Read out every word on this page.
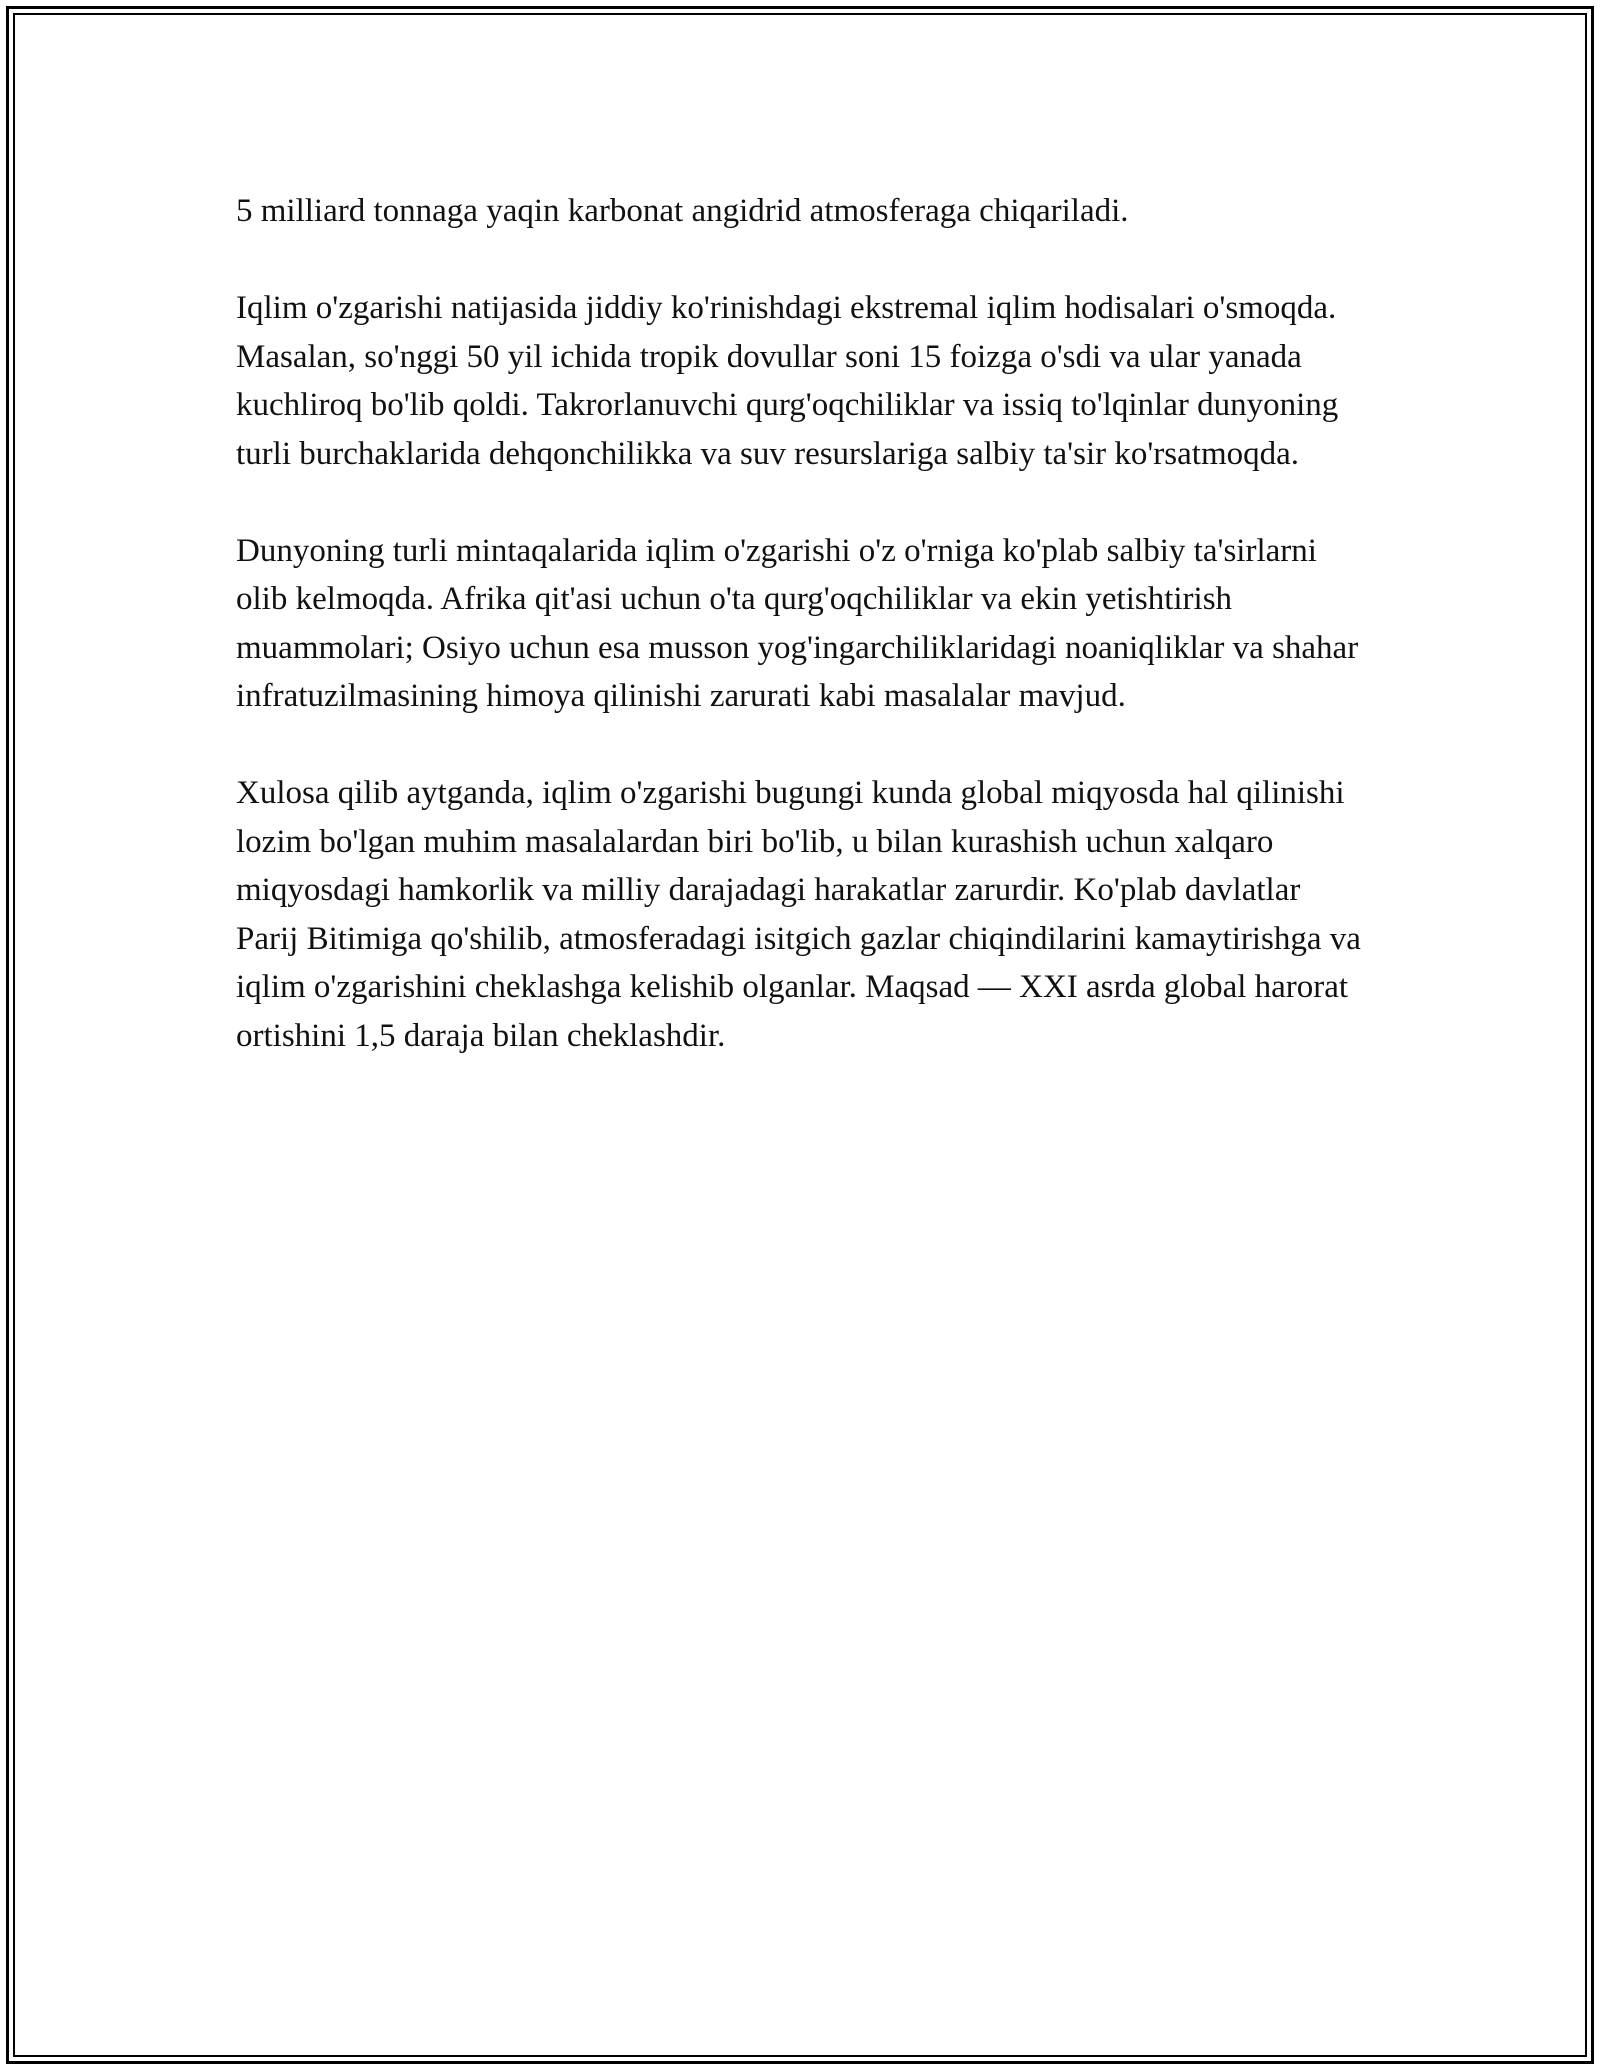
5 milliard tonnaga yaqin karbonat angidrid atmosferaga chiqariladi.

Iqlim o'zgarishi natijasida jiddiy ko'rinishdagi ekstremal iqlim hodisalari o'smoqda. Masalan, so'nggi 50 yil ichida tropik dovullar soni 15 foizga o'sdi va ular yanada kuchliroq bo'lib qoldi. Takrorlanuvchi qurg'oqchiliklar va issiq to'lqinlar dunyoning turli burchaklarida dehqonchilikka va suv resurslariga salbiy ta'sir ko'rsatmoqda.

Dunyoning turli mintaqalarida iqlim o'zgarishi o'z o'rniga ko'plab salbiy ta'sirlarni olib kelmoqda. Afrika qit'asi uchun o'ta qurg'oqchiliklar va ekin yetishtirish muammolari; Osiyo uchun esa musson yog'ingarchiliklaridagi noaniqliklar va shahar infratuzilmasining himoya qilinishi zarurati kabi masalalar mavjud.

Xulosa qilib aytganda, iqlim o'zgarishi bugungi kunda global miqyosda hal qilinishi lozim bo'lgan muhim masalalardan biri bo'lib, u bilan kurashish uchun xalqaro miqyosdagi hamkorlik va milliy darajadagi harakatlar zarurdir. Ko'plab davlatlar Parij Bitimiga qo'shilib, atmosferadagi isitgich gazlar chiqindilarini kamaytirishga va iqlim o'zgarishini cheklashga kelishib olganlar. Maqsad — XXI asrda global harorat ortishini 1,5 daraja bilan cheklashdir.
